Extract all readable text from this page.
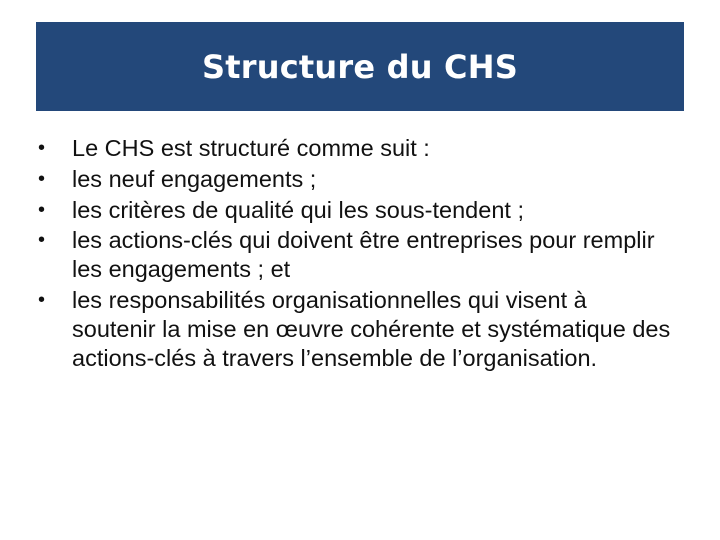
Structure du CHS
•	Le CHS est structuré comme suit :
•	les neuf engagements ;
•	les critères de qualité qui les sous-tendent ;
•	les actions-clés qui doivent être entreprises pour remplir les engagements ; et
•	les responsabilités organisationnelles qui visent à soutenir la mise en œuvre cohérente et systématique des actions-clés à travers l’ensemble de l’organisation.
